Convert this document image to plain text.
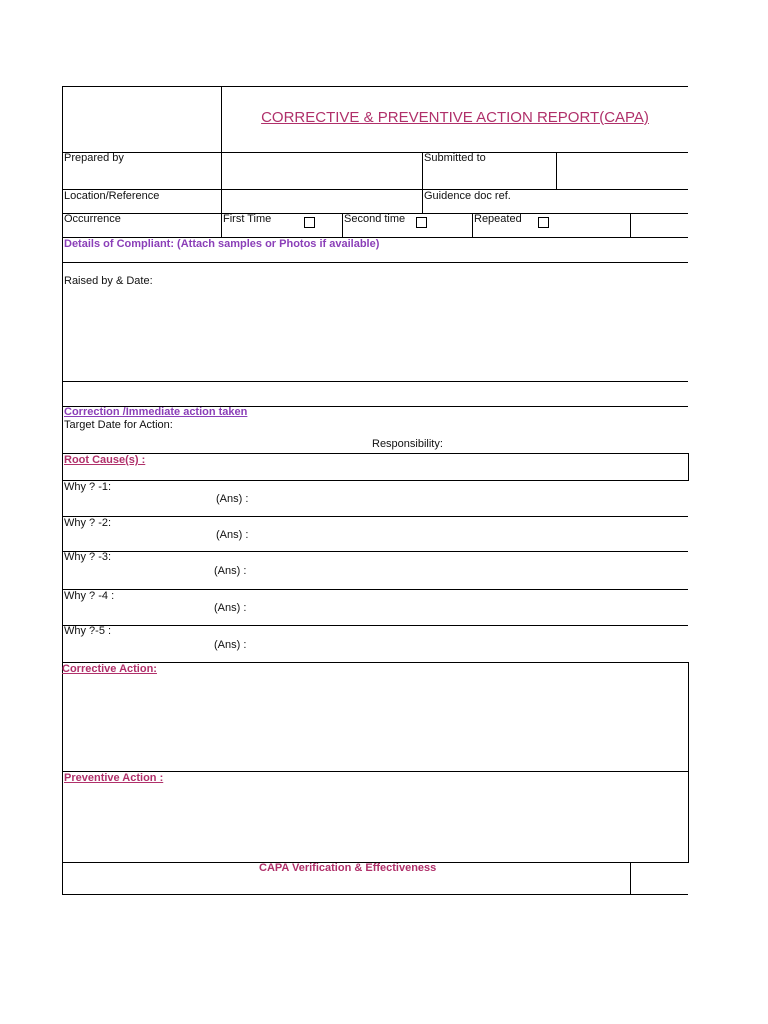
CORRECTIVE & PREVENTIVE ACTION REPORT(CAPA)
Prepared by	Submitted to
Location/Reference	Guidence doc ref.
Occurrence	First Time	Second time	Repeated
Details of Compliant: (Attach samples or Photos if available)
Raised by & Date:
Correction /Immediate action taken
Target Date for Action:
Responsibility:
Root Cause(s) :
Why ? -1:
(Ans) :
Why ? -2:
(Ans) :
Why ? -3:
(Ans) :
Why ? -4 :
(Ans) :
Why ?-5 :
(Ans) :
Corrective Action:
Preventive Action :
CAPA Verification & Effectiveness
